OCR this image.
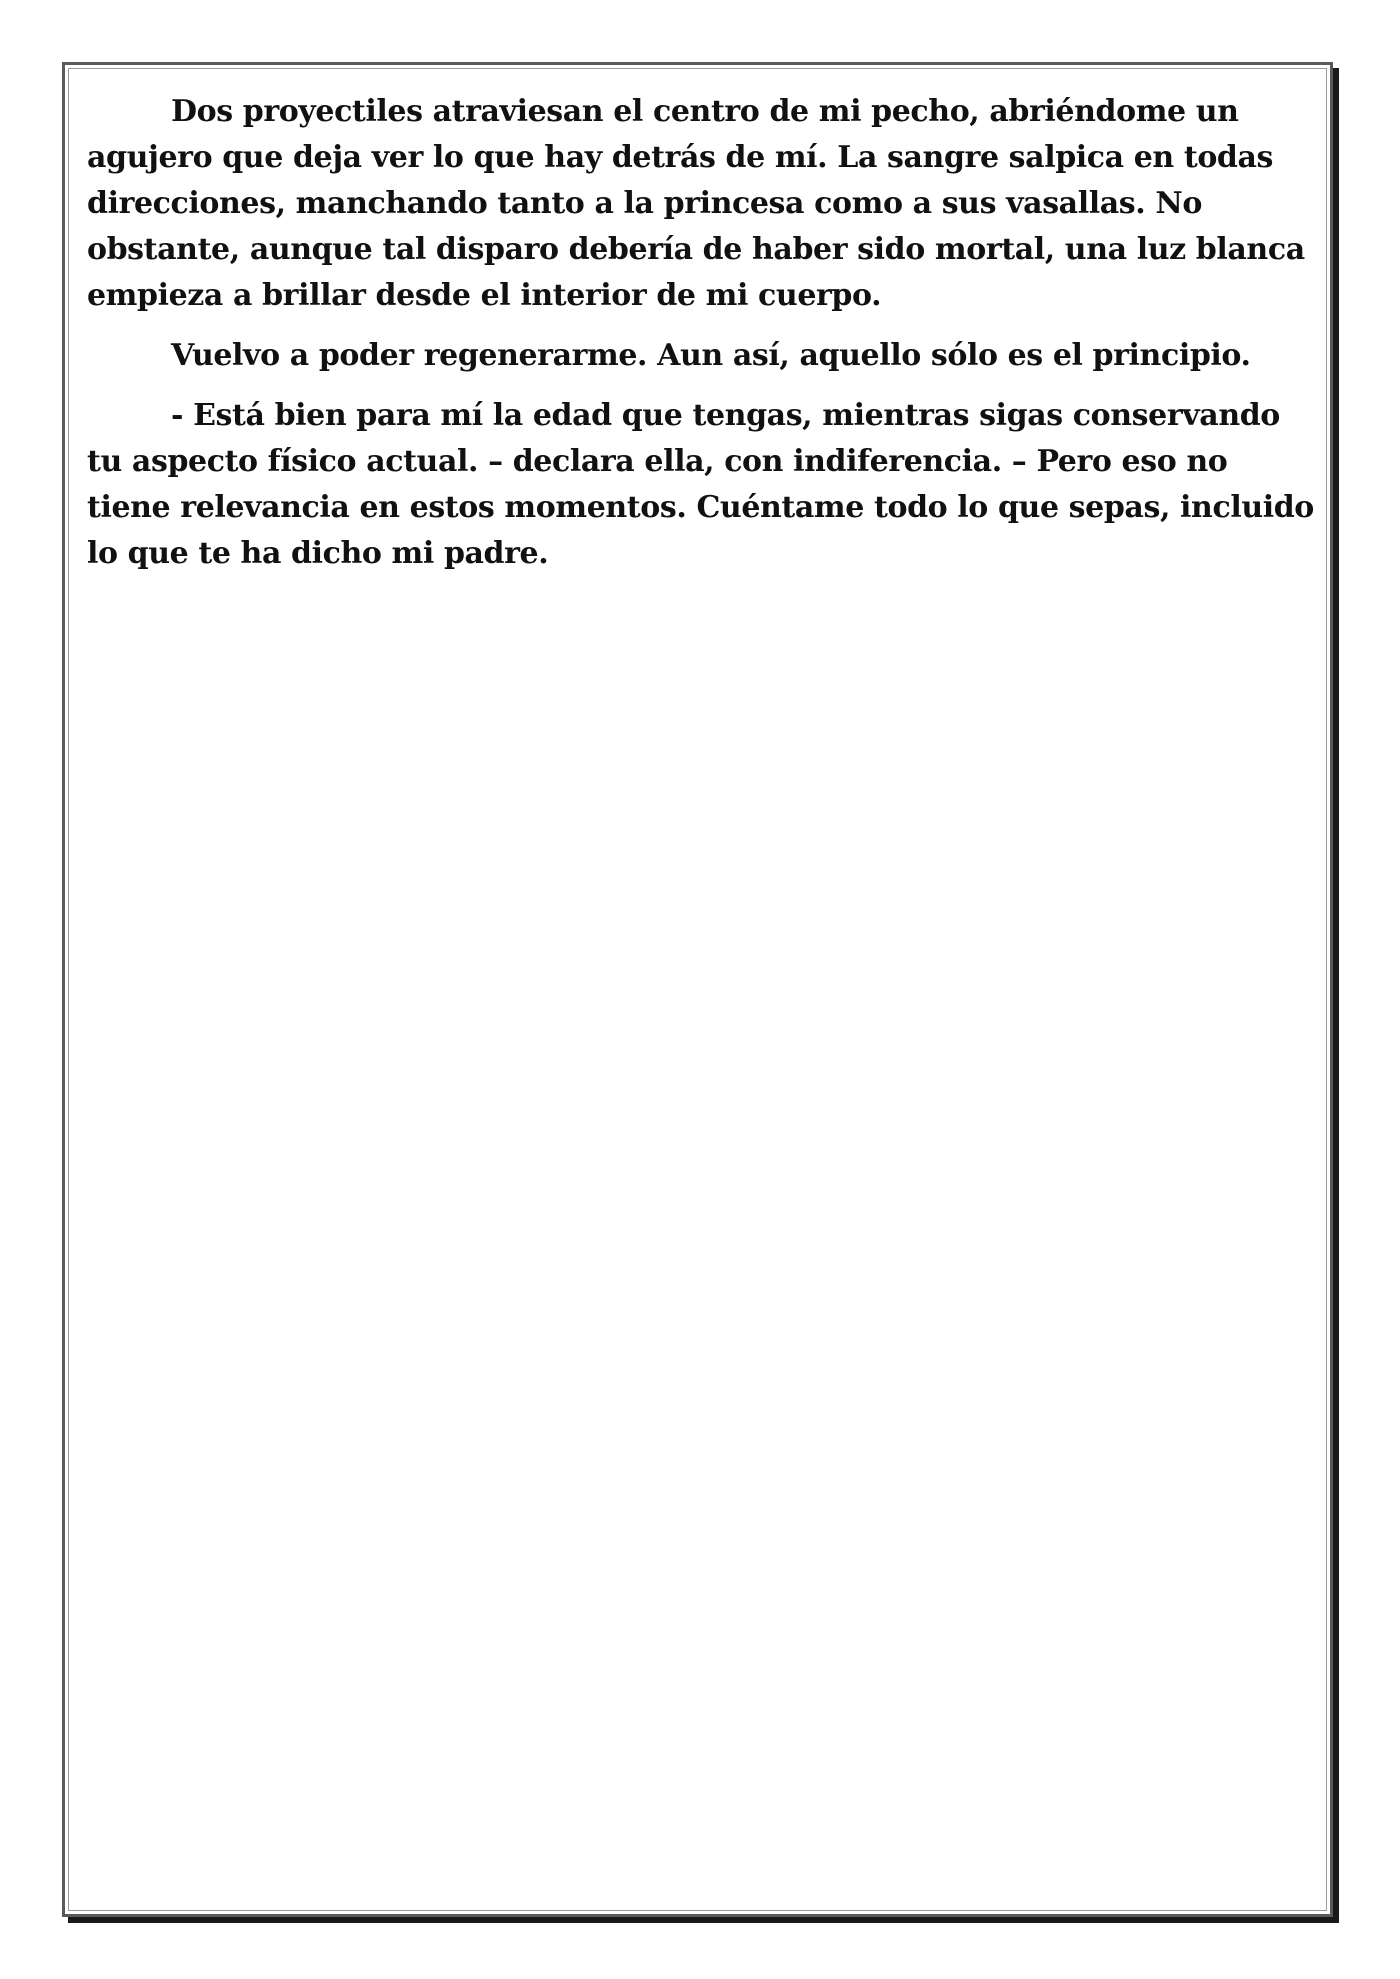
Dos proyectiles atraviesan el centro de mi pecho, abriéndome un agujero que deja ver lo que hay detrás de mí. La sangre salpica en todas direcciones, manchando tanto a la princesa como a sus vasallas. No obstante, aunque tal disparo debería de haber sido mortal, una luz blanca empieza a brillar desde el interior de mi cuerpo.

Vuelvo a poder regenerarme. Aun así, aquello sólo es el principio.

- Está bien para mí la edad que tengas, mientras sigas conservando tu aspecto físico actual. – declara ella, con indiferencia. – Pero eso no tiene relevancia en estos momentos. Cuéntame todo lo que sepas, incluido lo que te ha dicho mi padre.
